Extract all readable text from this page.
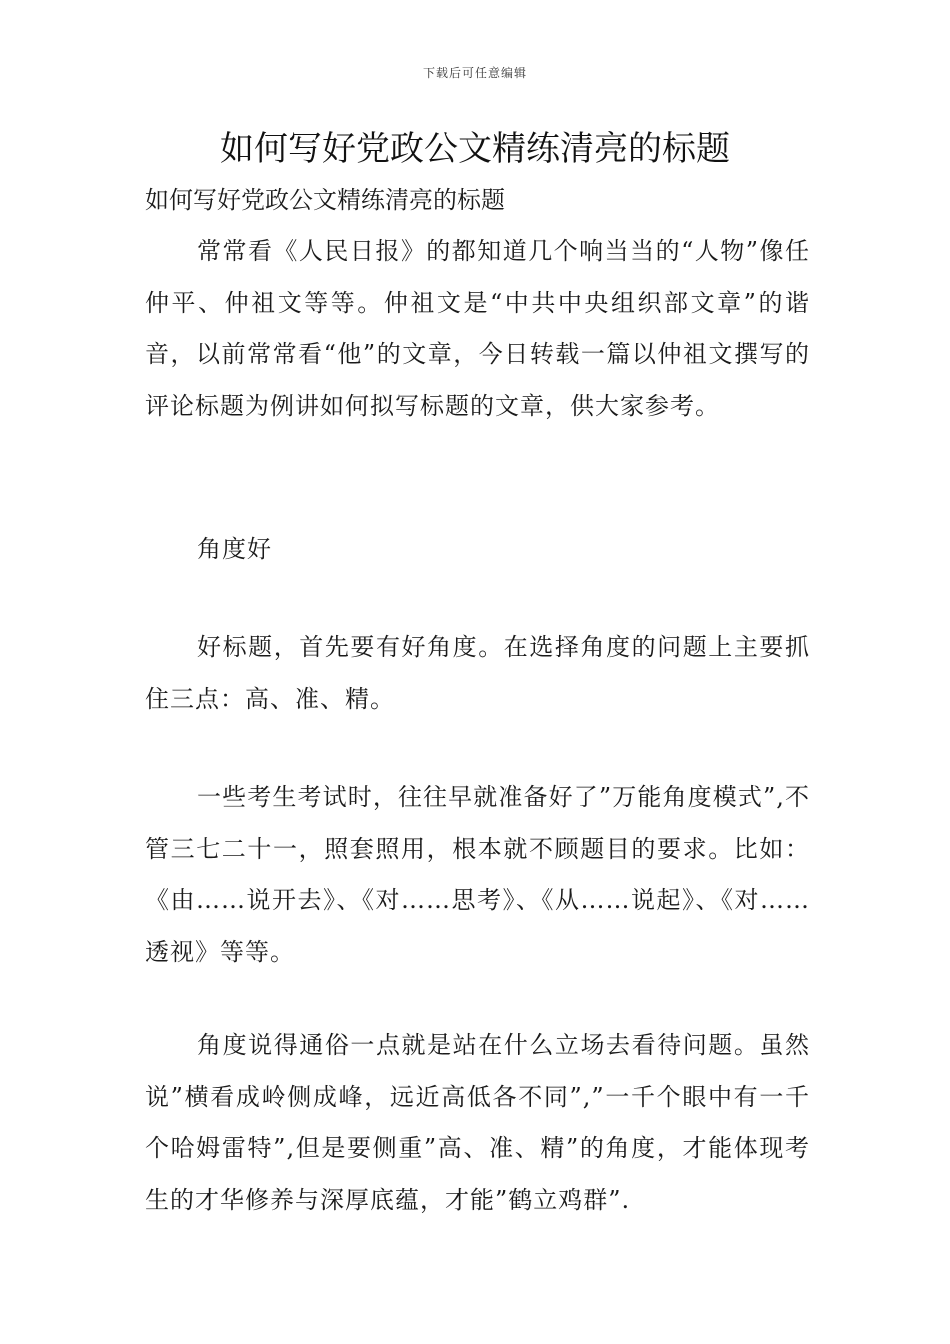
下载后可任意编辑
如何写好党政公文精练清亮的标题

如何写好党政公文精练清亮的标题

常常看《人民日报》的都知道几个响当当的“人物”像任仲平、仲祖文等等。仲祖文是“中共中央组织部文章”的谐音，以前常常看“他”的文章，今日转载一篇以仲祖文撰写的评论标题为例讲如何拟写标题的文章，供大家参考。

角度好

好标题，首先要有好角度。在选择角度的问题上主要抓住三点：高、准、精。

一些考生考试时，往往早就准备好了”万能角度模式”,不管三七二十一，照套照用，根本就不顾题目的要求。比如：《由……说开去》、《对……思考》、《从……说起》、《对……透视》等等。

角度说得通俗一点就是站在什么立场去看待问题。虽然说”横看成岭侧成峰，远近高低各不同”,”一千个眼中有一千个哈姆雷特”,但是要侧重”高、准、精”的角度，才能体现考生的才华修养与深厚底蕴，才能”鹤立鸡群”.
